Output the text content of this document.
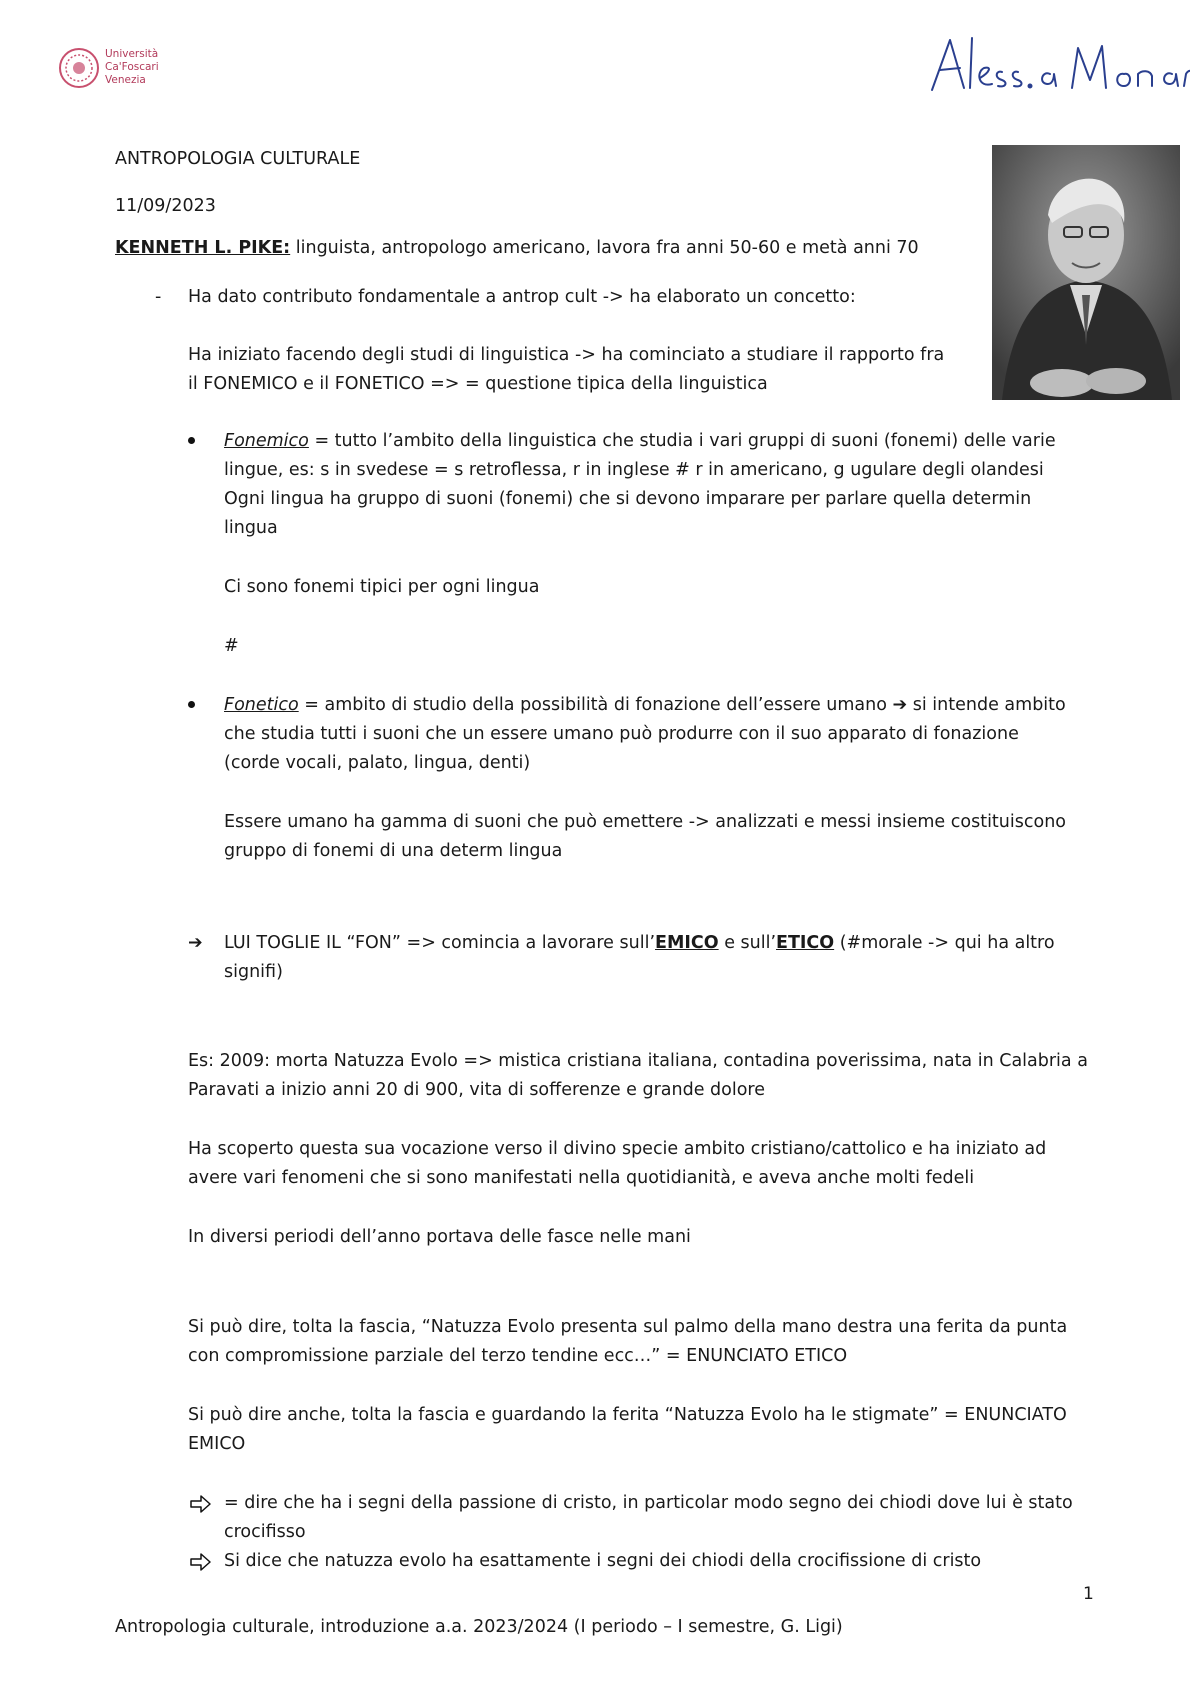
Università
Ca'Foscari
Venezia
ANTROPOLOGIA CULTURALE
11/09/2023
KENNETH L. PIKE: linguista, antropologo americano, lavora fra anni 50-60 e metà anni 70
- Ha dato contributo fondamentale a antrop cult -> ha elaborato un concetto:
Ha iniziato facendo degli studi di linguistica -> ha cominciato a studiare il rapporto fra
il FONEMICO e il FONETICO => = questione tipica della linguistica
Fonemico = tutto l’ambito della linguistica che studia i vari gruppi di suoni (fonemi) delle varie
lingue, es: s in svedese = s retroflessa, r in inglese # r in americano, g ugulare degli olandesi
Ogni lingua ha gruppo di suoni (fonemi) che si devono imparare per parlare quella determin
lingua
Ci sono fonemi tipici per ogni lingua
#
Fonetico = ambito di studio della possibilità di fonazione dell’essere umano ➔ si intende ambito
che studia tutti i suoni che un essere umano può produrre con il suo apparato di fonazione
(corde vocali, palato, lingua, denti)
Essere umano ha gamma di suoni che può emettere -> analizzati e messi insieme costituiscono
gruppo di fonemi di una determ lingua
➔ LUI TOGLIE IL “FON” => comincia a lavorare sull’EMICO e sull’ETICO (#morale -> qui ha altro
signifi)
Es: 2009: morta Natuzza Evolo => mistica cristiana italiana, contadina poverissima, nata in Calabria a
Paravati a inizio anni 20 di 900, vita di sofferenze e grande dolore
Ha scoperto questa sua vocazione verso il divino specie ambito cristiano/cattolico e ha iniziato ad
avere vari fenomeni che si sono manifestati nella quotidianità, e aveva anche molti fedeli
In diversi periodi dell’anno portava delle fasce nelle mani
Si può dire, tolta la fascia, “Natuzza Evolo presenta sul palmo della mano destra una ferita da punta
con compromissione parziale del terzo tendine ecc…” = ENUNCIATO ETICO
Si può dire anche, tolta la fascia e guardando la ferita “Natuzza Evolo ha le stigmate” = ENUNCIATO
EMICO
= dire che ha i segni della passione di cristo, in particolar modo segno dei chiodi dove lui è stato
crocifisso
Si dice che natuzza evolo ha esattamente i segni dei chiodi della crocifissione di cristo
1
Antropologia culturale, introduzione a.a. 2023/2024 (I periodo – I semestre, G. Ligi)
